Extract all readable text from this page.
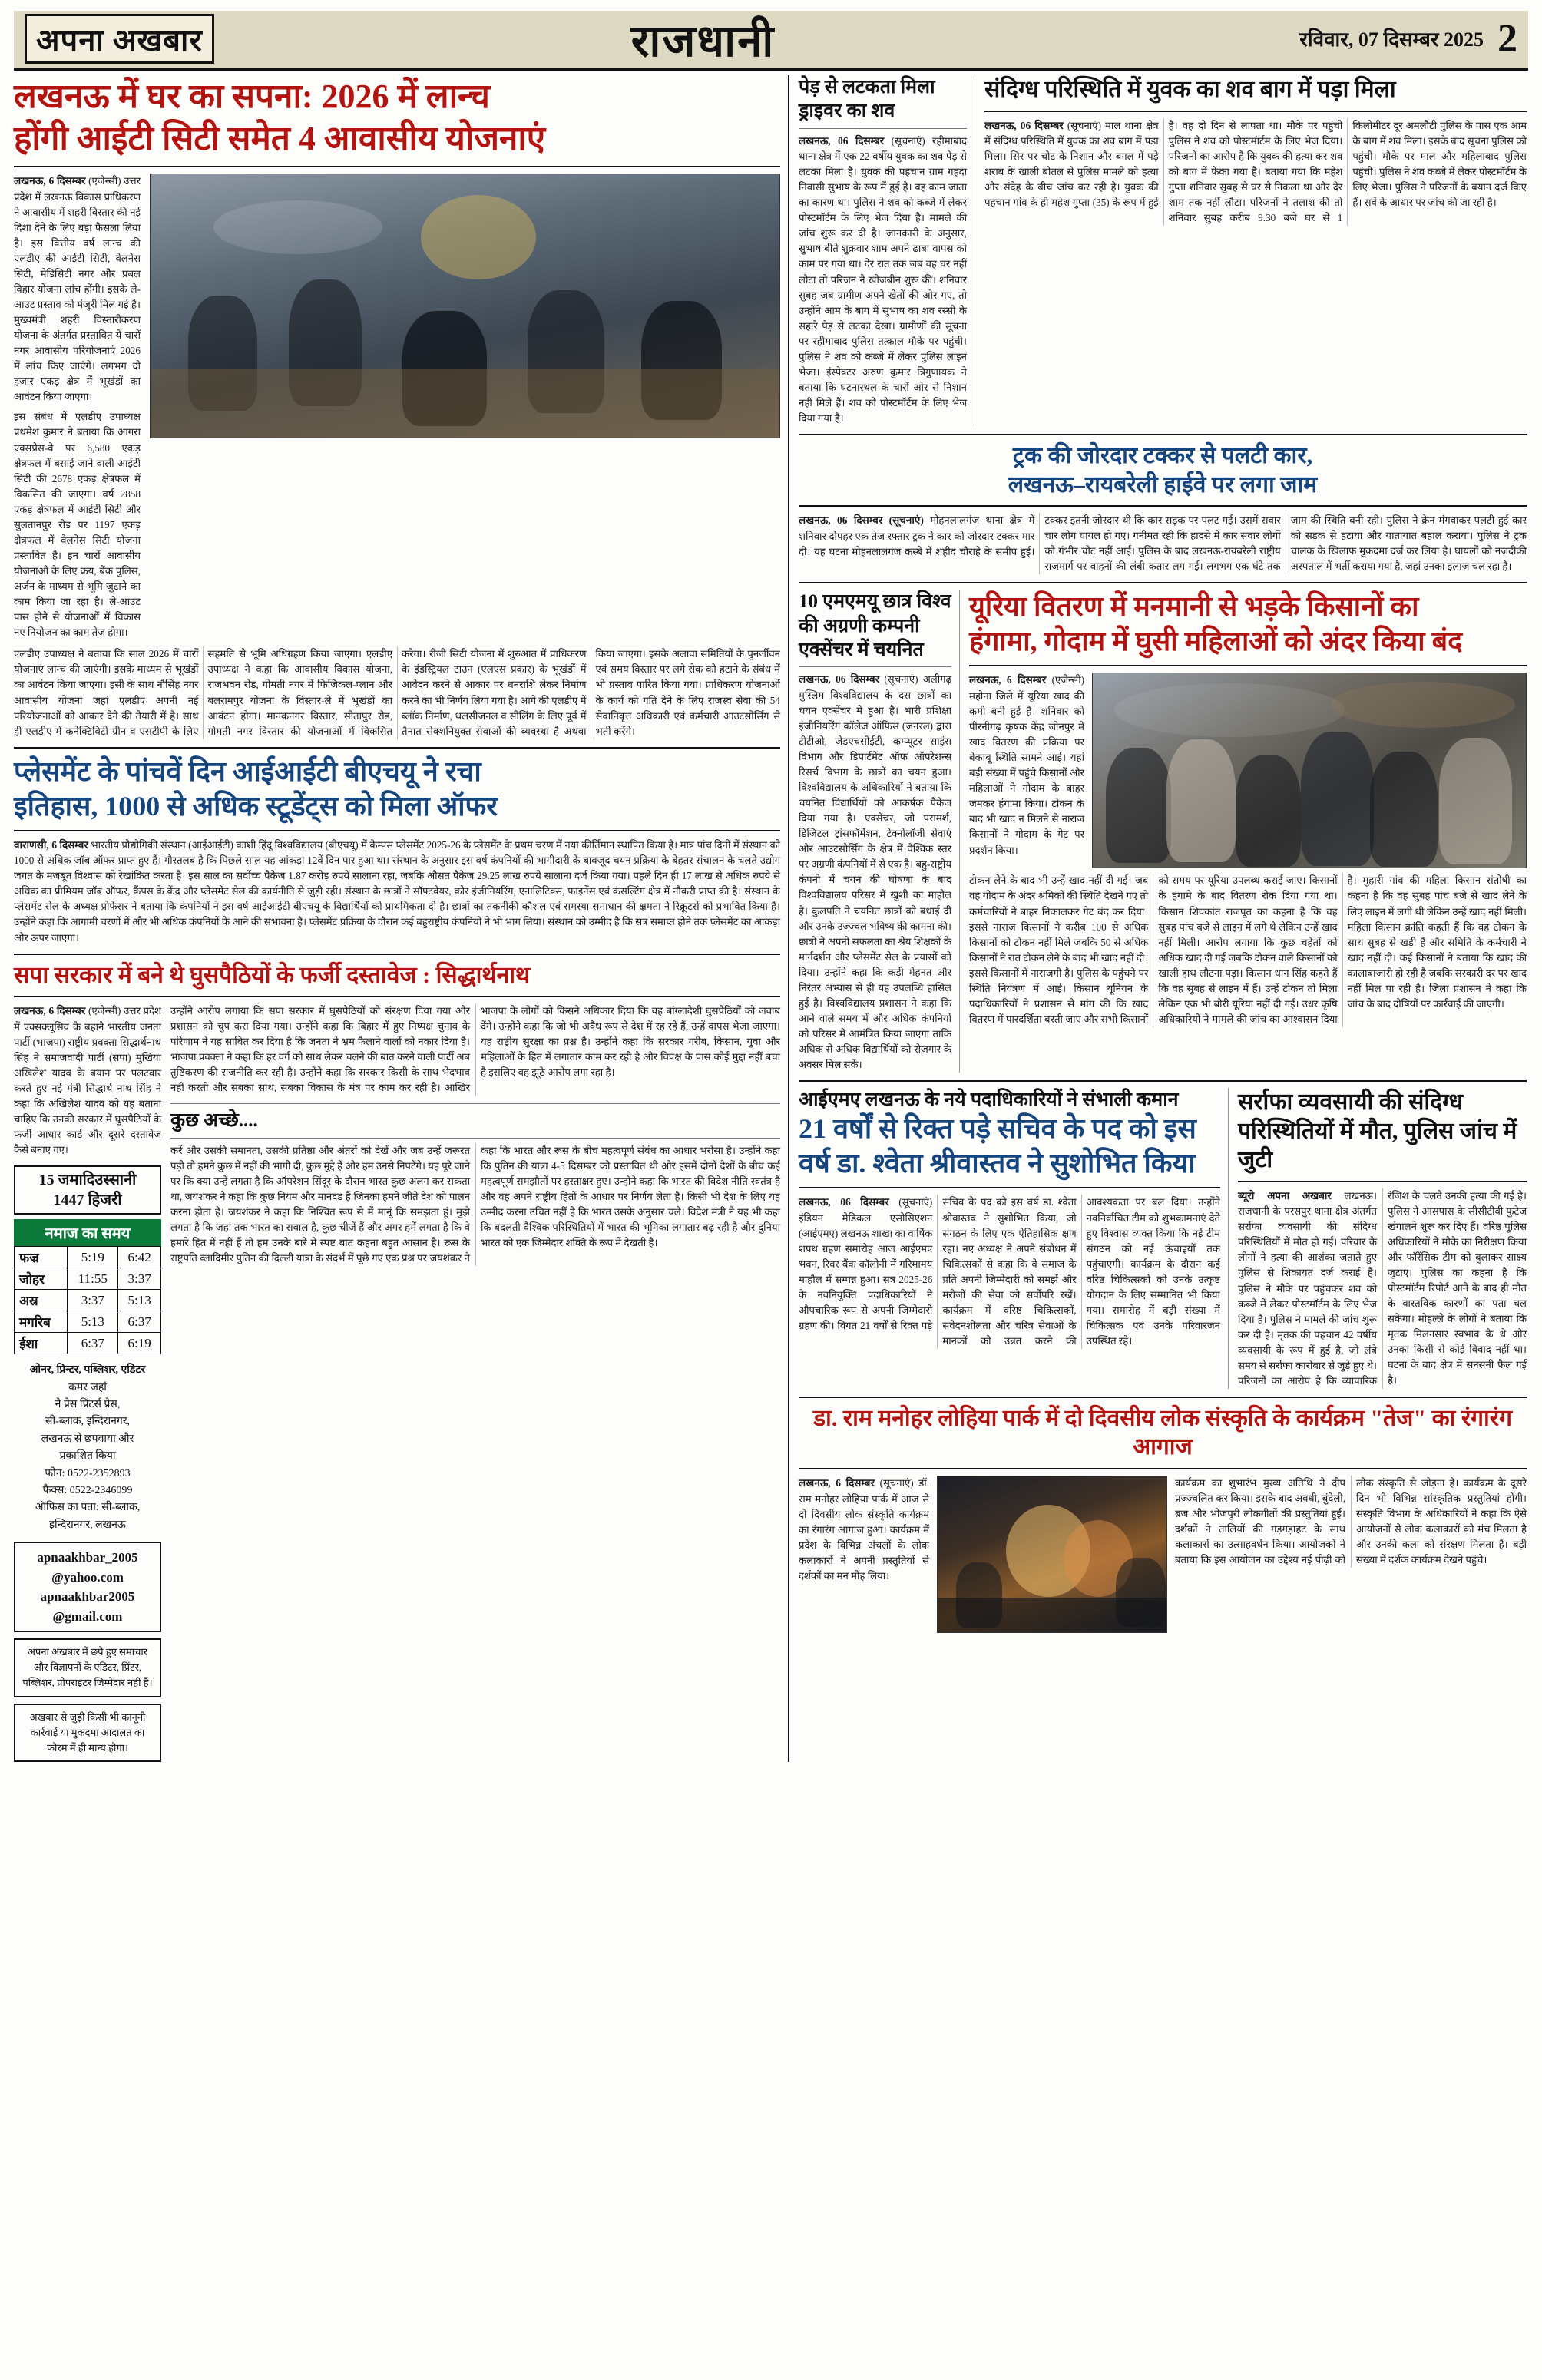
अपना अखबार	राजधानी	रविवार, 07 दिसम्बर 2025 2
लखनऊ में घर का सपना: 2026 में लान्च
होंगी आईटी सिटी समेत 4 आवासीय योजनाएं
लखनऊ, 6 दिसम्बर (एजेन्सी) उत्तर प्रदेश में लखनऊ विकास प्राधिकरण ने आवासीय में शहरी विस्तार की नई दिशा देने के लिए बड़ा फैसला लिया है। इस वित्तीय वर्ष लान्च की एलडीए की आईटी सिटी, वेलनेस सिटी, मेडिसिटी नगर और प्रबल विहार योजना लांच होंगी। इसके ले-आउट प्रस्ताव को मंजूरी मिल गई है। मुख्यमंत्री शहरी विस्तारीकरण योजना के अंतर्गत प्रस्तावित ये चारों नगर आवासीय परियोजनाएं 2026 में लांच किए जाएंगे। लगभग दो हजार एकड़ क्षेत्र में भूखंडों का आवंटन किया जाएगा।
इस संबंध में एलडीए उपाध्यक्ष प्रथमेश कुमार ने बताया कि आगरा एक्सप्रेस-वे पर 6,580 एकड़ क्षेत्रफल में बसाई जाने वाली आईटी सिटी की 2678 एकड़ क्षेत्रफल में विकसित की जाएगा। वर्ष 2858 एकड़ क्षेत्रफल में आईटी सिटी और सुलतानपुर रोड पर 1197 एकड़ क्षेत्रफल में वेलनेस सिटी योजना प्रस्तावित है। इन चारों आवासीय योजनाओं के लिए क्रय, बैंक पुलिस, अर्जन के माध्यम से भूमि जुटाने का काम किया जा रहा है। ले-आउट पास होने से योजनाओं में विकास नए नियोजन का काम तेज होगा।
एलडीए उपाध्यक्ष ने बताया कि साल 2026 में चारों योजनाएं लान्च की जाएंगी। इसके माध्यम से भूखंडों का आवंटन किया जाएगा। इसी के साथ नौसिंह नगर आवासीय योजना जहां एलडीए अपनी नई परियोजनाओं को आकार देने की तैयारी में है। साथ ही एलडीए में कनेक्टिविटी ग्रीन व एसटीपी के लिए सहमति से भूमि अधिग्रहण किया जाएगा। एलडीए उपाध्यक्ष ने कहा कि आवासीय विकास योजना, राजभवन रोड, गोमती नगर में फिजिकल-प्लान और बलरामपुर योजना के विस्तार-ले में भूखंडों का आवंटन होगा। मानकनगर विस्तार, सीतापुर रोड, गोमती नगर विस्तार की योजनाओं में विकसित करेगा। रीजी सिटी योजना में शुरुआत में प्राधिकरण के इंडस्ट्रियल टाउन (एलएस प्रकार) के भूखंडों में आवेदन करने से आकार पर धनराशि लेकर निर्माण करने का भी निर्णय लिया गया है। आगे की एलडीए में ब्लॉक निर्माण, थलसीजनल व सीलिंग के लिए पूर्व में तैनात सेक्शनियुक्त सेवाओं की व्यवस्था है अथवा किया जाएगा। इसके अलावा समितियों के पुनर्जीवन एवं समय विस्तार पर लगे रोक को हटाने के संबंध में भी प्रस्ताव पारित किया गया। प्राधिकरण योजनाओं के कार्य को गति देने के लिए राजस्व सेवा की 54 सेवानिवृत्त अधिकारी एवं कर्मचारी आउटसोर्सिंग से भर्ती करेंगे।
प्लेसमेंट के पांचवें दिन आईआईटी बीएचयू ने रचा
इतिहास, 1000 से अधिक स्टूडेंट्स को मिला ऑफर
वाराणसी, 6 दिसम्बर भारतीय प्रौद्योगिकी संस्थान (आईआईटी) काशी हिंदू विश्वविद्यालय (बीएचयू) में कैम्पस प्लेसमेंट 2025-26 के प्लेसमेंट के प्रथम चरण में नया कीर्तिमान स्थापित किया है। मात्र पांच दिनों में संस्थान को 1000 से अधिक जॉब ऑफर प्राप्त हुए हैं। गौरतलब है कि पिछले साल यह आंकड़ा 12वें दिन पार हुआ था। संस्थान के अनुसार इस वर्ष कंपनियों की भागीदारी के बावजूद चयन प्रक्रिया के बेहतर संचालन के चलते उद्योग जगत के मजबूत विश्वास को रेखांकित करता है। इस साल का सर्वोच्च पैकेज 1.87 करोड़ रुपये सालाना रहा, जबकि औसत पैकेज 29.25 लाख रुपये सालाना दर्ज किया गया। पहले दिन ही 17 लाख से अधिक रुपये से अधिक का प्रीमियम जॉब ऑफर, कैंपस के केंद्र और प्लेसमेंट सेल की कार्यनीति से जुड़ी रही। संस्थान के छात्रों ने सॉफ्टवेयर, कोर इंजीनियरिंग, एनालिटिक्स, फाइनेंस एवं कंसल्टिंग क्षेत्र में नौकरी प्राप्त की है। संस्थान के प्लेसमेंट सेल के अध्यक्ष प्रोफेसर ने बताया कि कंपनियों ने इस वर्ष आईआईटी बीएचयू के विद्यार्थियों को प्राथमिकता दी है। छात्रों का तकनीकी कौशल एवं समस्या समाधान की क्षमता ने रिक्रूटर्स को प्रभावित किया है। उन्होंने कहा कि आगामी चरणों में और भी अधिक कंपनियों के आने की संभावना है। प्लेसमेंट प्रक्रिया के दौरान कई बहुराष्ट्रीय कंपनियों ने भी भाग लिया। संस्थान को उम्मीद है कि सत्र समाप्त होने तक प्लेसमेंट का आंकड़ा और ऊपर जाएगा।
सपा सरकार में बने थे घुसपैठियों के फर्जी दस्तावेज : सिद्धार्थनाथ
लखनऊ, 6 दिसम्बर (एजेन्सी) उत्तर प्रदेश में एक्सक्लूसिव के बहाने भारतीय जनता पार्टी (भाजपा) राष्ट्रीय प्रवक्ता सिद्धार्थनाथ सिंह ने समाजवादी पार्टी (सपा) मुखिया अखिलेश यादव के बयान पर पलटवार करते हुए नई मंत्री सिद्धार्थ नाथ सिंह ने कहा कि अखिलेश यादव को यह बताना चाहिए कि उनकी सरकार में घुसपैठियों के फर्जी आधार कार्ड और दूसरे दस्तावेज कैसे बनाए गए।
15 जमादिउस्सानी
1447 हिजरी
नमाज का समय
फज्र	5:19	6:42
जोहर	11:55	3:37
अस्र	3:37	5:13
मगरिब	5:13	6:37
ईशा	6:37	6:19
ओनर, प्रिन्टर, पब्लिशर, एडिटर
कमर जहां
ने प्रेस प्रिंटर्स प्रेस,
सी-ब्लाक, इन्दिरानगर,
लखनऊ से छपवाया और
प्रकाशित किया
फोन: 0522-2352893
फैक्स: 0522-2346099
ऑफिस का पता: सी-ब्लाक,
इन्दिरानगर, लखनऊ
apnaakhbar_2005
@yahoo.com
apnaakhbar2005
@gmail.com
अपना अखबार में छपे हुए समाचार और विज्ञापनों के एडिटर, प्रिंटर, पब्लिशर, प्रोपराइटर जिम्मेदार नहीं हैं।
अखबार से जुड़ी किसी भी कानूनी कार्रवाई या मुकदमा आदालत का फोरम में ही मान्य होगा।
उन्होंने आरोप लगाया कि सपा सरकार में घुसपैठियों को संरक्षण दिया गया और प्रशासन को चुप करा दिया गया। उन्होंने कहा कि बिहार में हुए निष्पक्ष चुनाव के परिणाम ने यह साबित कर दिया है कि जनता ने भ्रम फैलाने वालों को नकार दिया है। भाजपा प्रवक्ता ने कहा कि हर वर्ग को साथ लेकर चलने की बात करने वाली पार्टी अब तुष्टिकरण की राजनीति कर रही है। उन्होंने कहा कि सरकार किसी के साथ भेदभाव नहीं करती और सबका साथ, सबका विकास के मंत्र पर काम कर रही है। आखिर भाजपा के लोगों को किसने अधिकार दिया कि वह बांग्लादेशी घुसपैठियों को जवाब देंगे। उन्होंने कहा कि जो भी अवैध रूप से देश में रह रहे हैं, उन्हें वापस भेजा जाएगा। यह राष्ट्रीय सुरक्षा का प्रश्न है। उन्होंने कहा कि सरकार गरीब, किसान, युवा और महिलाओं के हित में लगातार काम कर रही है और विपक्ष के पास कोई मुद्दा नहीं बचा है इसलिए वह झूठे आरोप लगा रहा है।
कुछ अच्छे....
करें और उसकी समानता, उसकी प्रतिष्ठा और अंतरों को देखें और जब उन्हें जरूरत पड़ी तो हमने कुछ में नहीं की भागी दी, कुछ मुद्दे हैं और हम उनसे निपटेंगे। यह पूरे जाने पर कि क्या उन्हें लगता है कि ऑपरेशन सिंदूर के दौरान भारत कुछ अलग कर सकता था, जयशंकर ने कहा कि कुछ नियम और मानदंड हैं जिनका हमने जीते देश को पालन करना होता है। जयशंकर ने कहा कि निश्चित रूप से मैं मानूं कि समझता हूं। मुझे लगता है कि जहां तक भारत का सवाल है, कुछ चीजें हैं और अगर हमें लगता है कि वे हमारे हित में नहीं हैं तो हम उनके बारे में स्पष्ट बात कहना बहुत आसान है। रूस के राष्ट्रपति व्लादिमीर पुतिन की दिल्ली यात्रा के संदर्भ में पूछे गए एक प्रश्न पर जयशंकर ने कहा कि भारत और रूस के बीच महत्वपूर्ण संबंध का आधार भरोसा है। उन्होंने कहा कि पुतिन की यात्रा 4-5 दिसम्बर को प्रस्तावित थी और इसमें दोनों देशों के बीच कई महत्वपूर्ण समझौतों पर हस्ताक्षर हुए। उन्होंने कहा कि भारत की विदेश नीति स्वतंत्र है और वह अपने राष्ट्रीय हितों के आधार पर निर्णय लेता है। किसी भी देश के लिए यह उम्मीद करना उचित नहीं है कि भारत उसके अनुसार चले। विदेश मंत्री ने यह भी कहा कि बदलती वैश्विक परिस्थितियों में भारत की भूमिका लगातार बढ़ रही है और दुनिया भारत को एक जिम्मेदार शक्ति के रूप में देखती है।
पेड़ से लटकता मिला ड्राइवर का शव
लखनऊ, 06 दिसम्बर (सूचनाएं) रहीमाबाद थाना क्षेत्र में एक 22 वर्षीय युवक का शव पेड़ से लटका मिला है। युवक की पहचान ग्राम गहदा निवासी सुभाष के रूप में हुई है। वह काम जाता का कारण था। पुलिस ने शव को कब्जे में लेकर पोस्टमॉर्टम के लिए भेज दिया है। मामले की जांच शुरू कर दी है। जानकारी के अनुसार, सुभाष बीते शुक्रवार शाम अपने ढाबा वापस को काम पर गया था। देर रात तक जब वह घर नहीं लौटा तो परिजन ने खोजबीन शुरू की। शनिवार सुबह जब ग्रामीण अपने खेतों की ओर गए, तो उन्होंने आम के बाग में सुभाष का शव रस्सी के सहारे पेड़ से लटका देखा। ग्रामीणों की सूचना पर रहीमाबाद पुलिस तत्काल मौके पर पहुंची। पुलिस ने शव को कब्जे में लेकर पुलिस लाइन भेजा। इंस्पेक्टर अरुण कुमार त्रिगुणायक ने बताया कि घटनास्थल के चारों ओर से निशान नहीं मिले हैं। शव को पोस्टमॉर्टम के लिए भेज दिया गया है।
संदिग्ध परिस्थिति में युवक का शव बाग में पड़ा मिला
लखनऊ, 06 दिसम्बर (सूचनाएं) माल थाना क्षेत्र में संदिग्ध परिस्थिति में युवक का शव बाग में पड़ा मिला। सिर पर चोट के निशान और बगल में पड़े शराब के खाली बोतल से पुलिस मामले को हत्या और संदेह के बीच जांच कर रही है। युवक की पहचान गांव के ही महेश गुप्ता (35) के रूप में हुई है। वह दो दिन से लापता था। मौके पर पहुंची पुलिस ने शव को पोस्टमॉर्टम के लिए भेज दिया। परिजनों का आरोप है कि युवक की हत्या कर शव को बाग में फेंका गया है। बताया गया कि महेश गुप्ता शनिवार सुबह से घर से निकला था और देर शाम तक नहीं लौटा। परिजनों ने तलाश की तो शनिवार सुबह करीब 9.30 बजे घर से 1 किलोमीटर दूर अमलौटी पुलिस के पास एक आम के बाग में शव मिला। इसके बाद सूचना पुलिस को पहुंची। मौके पर माल और महिलाबाद पुलिस पहुंची। पुलिस ने शव कब्जे में लेकर पोस्टमॉर्टम के लिए भेजा। पुलिस ने परिजनों के बयान दर्ज किए हैं। सर्वे के आधार पर जांच की जा रही है।
ट्रक की जोरदार टक्कर से पलटी कार,
लखनऊ–रायबरेली हाईवे पर लगा जाम
लखनऊ, 06 दिसम्बर (सूचनाएं) मोहनलालगंज थाना क्षेत्र में शनिवार दोपहर एक तेज रफ्तार ट्रक ने कार को जोरदार टक्कर मार दी। यह घटना मोहनलालगंज कस्बे में शहीद चौराहे के समीप हुई। टक्कर इतनी जोरदार थी कि कार सड़क पर पलट गई। उसमें सवार चार लोग घायल हो गए। गनीमत रही कि हादसे में कार सवार लोगों को गंभीर चोट नहीं आई। पुलिस के बाद लखनऊ-रायबरेली राष्ट्रीय राजमार्ग पर वाहनों की लंबी कतार लग गई। लगभग एक घंटे तक जाम की स्थिति बनी रही। पुलिस ने क्रेन मंगवाकर पलटी हुई कार को सड़क से हटाया और यातायात बहाल कराया। पुलिस ने ट्रक चालक के खिलाफ मुकदमा दर्ज कर लिया है। घायलों को नजदीकी अस्पताल में भर्ती कराया गया है, जहां उनका इलाज चल रहा है।
10 एमएमयू छात्र विश्व
की अग्रणी कम्पनी
एक्सेंचर में चयनित
लखनऊ, 06 दिसम्बर (सूचनाएं) अलीगढ़ मुस्लिम विश्वविद्यालय के दस छात्रों का चयन एक्सेंचर में हुआ है। भारी प्रशिक्षा इंजीनियरिंग कॉलेज ऑफिस (जनरल) द्वारा टीटीओ, जेडएचसीईटी, कम्प्यूटर साइंस विभाग और डिपार्टमेंट ऑफ ऑपरेशन्स रिसर्च विभाग के छात्रों का चयन हुआ। विश्वविद्यालय के अधिकारियों ने बताया कि चयनित विद्यार्थियों को आकर्षक पैकेज दिया गया है। एक्सेंचर, जो परामर्श, डिजिटल ट्रांसफॉर्मेशन, टेक्नोलॉजी सेवाएं और आउटसोर्सिंग के क्षेत्र में वैश्विक स्तर पर अग्रणी कंपनियों में से एक है। बहु-राष्ट्रीय कंपनी में चयन की घोषणा के बाद विश्वविद्यालय परिसर में खुशी का माहौल है। कुलपति ने चयनित छात्रों को बधाई दी और उनके उज्ज्वल भविष्य की कामना की। छात्रों ने अपनी सफलता का श्रेय शिक्षकों के मार्गदर्शन और प्लेसमेंट सेल के प्रयासों को दिया। उन्होंने कहा कि कड़ी मेहनत और निरंतर अभ्यास से ही यह उपलब्धि हासिल हुई है। विश्वविद्यालय प्रशासन ने कहा कि आने वाले समय में और अधिक कंपनियों को परिसर में आमंत्रित किया जाएगा ताकि अधिक से अधिक विद्यार्थियों को रोजगार के अवसर मिल सकें।
यूरिया वितरण में मनमानी से भड़के किसानों का
हंगामा, गोदाम में घुसी महिलाओं को अंदर किया बंद
लखनऊ, 6 दिसम्बर (एजेन्सी) महोना जिले में यूरिया खाद की कमी बनी हुई है। शनिवार को पीरनीगढ़ कृषक केंद्र जोनपुर में खाद वितरण की प्रक्रिया पर बेकाबू स्थिति सामने आई। यहां बड़ी संख्या में पहुंचे किसानों और महिलाओं ने गोदाम के बाहर जमकर हंगामा किया। टोकन के बाद भी खाद न मिलने से नाराज किसानों ने गोदाम के गेट पर प्रदर्शन किया।
टोकन लेने के बाद भी उन्हें खाद नहीं दी गई। जब वह गोदाम के अंदर श्रमिकों की स्थिति देखने गए तो कर्मचारियों ने बाहर निकालकर गेट बंद कर दिया। इससे नाराज किसानों ने करीब 100 से अधिक किसानों को टोकन नहीं मिले जबकि 50 से अधिक किसानों ने रात टोकन लेने के बाद भी खाद नहीं दी। इससे किसानों में नाराजगी है। पुलिस के पहुंचने पर स्थिति नियंत्रण में आई। किसान यूनियन के पदाधिकारियों ने प्रशासन से मांग की कि खाद वितरण में पारदर्शिता बरती जाए और सभी किसानों को समय पर यूरिया उपलब्ध कराई जाए। किसानों के हंगामे के बाद वितरण रोक दिया गया था। किसान शिवकांत राजपूत का कहना है कि वह सुबह पांच बजे से लाइन में लगे थे लेकिन उन्हें खाद नहीं मिली। आरोप लगाया कि कुछ चहेतों को अधिक खाद दी गई जबकि टोकन वाले किसानों को खाली हाथ लौटना पड़ा। किसान धान सिंह कहते हैं कि वह सुबह से लाइन में हैं। उन्हें टोकन तो मिला लेकिन एक भी बोरी यूरिया नहीं दी गई। उधर कृषि अधिकारियों ने मामले की जांच का आश्वासन दिया है। मुहारी गांव की महिला किसान संतोषी का कहना है कि वह सुबह पांच बजे से खाद लेने के लिए लाइन में लगी थी लेकिन उन्हें खाद नहीं मिली। महिला किसान क्रांति कहती हैं कि वह टोकन के साथ सुबह से खड़ी हैं और समिति के कर्मचारी ने खाद नहीं दी। कई किसानों ने बताया कि खाद की कालाबाजारी हो रही है जबकि सरकारी दर पर खाद नहीं मिल पा रही है। जिला प्रशासन ने कहा कि जांच के बाद दोषियों पर कार्रवाई की जाएगी।
आईएमए लखनऊ के नये पदाधिकारियों ने संभाली कमान
21 वर्षों से रिक्त पड़े सचिव के पद को इस
वर्ष डा. श्वेता श्रीवास्तव ने सुशोभित किया
लखनऊ, 06 दिसम्बर (सूचनाएं) इंडियन मेडिकल एसोसिएशन (आईएमए) लखनऊ शाखा का वार्षिक शपथ ग्रहण समारोह आज आईएमए भवन, रिवर बैंक कॉलोनी में गरिमामय माहौल में सम्पन्न हुआ। सत्र 2025-26 के नवनियुक्ति पदाधिकारियों ने औपचारिक रूप से अपनी जिम्मेदारी ग्रहण की। विगत 21 वर्षों से रिक्त पड़े सचिव के पद को इस वर्ष डा. श्वेता श्रीवास्तव ने सुशोभित किया, जो संगठन के लिए एक ऐतिहासिक क्षण रहा। नए अध्यक्ष ने अपने संबोधन में चिकित्सकों से कहा कि वे समाज के प्रति अपनी जिम्मेदारी को समझें और मरीजों की सेवा को सर्वोपरि रखें। कार्यक्रम में वरिष्ठ चिकित्सकों, संवेदनशीलता और चरित्र सेवाओं के मानकों को उन्नत करने की आवश्यकता पर बल दिया। उन्होंने नवनिर्वाचित टीम को शुभकामनाएं देते हुए विश्वास व्यक्त किया कि नई टीम संगठन को नई ऊंचाइयों तक पहुंचाएगी। कार्यक्रम के दौरान कई वरिष्ठ चिकित्सकों को उनके उत्कृष्ट योगदान के लिए सम्मानित भी किया गया। समारोह में बड़ी संख्या में चिकित्सक एवं उनके परिवारजन उपस्थित रहे।
सर्राफा व्यवसायी की संदिग्ध
परिस्थितियों में मौत, पुलिस जांच में जुटी
ब्यूरो अपना अखबार लखनऊ। राजधानी के परसपुर थाना क्षेत्र अंतर्गत सर्राफा व्यवसायी की संदिग्ध परिस्थितियों में मौत हो गई। परिवार के लोगों ने हत्या की आशंका जताते हुए पुलिस से शिकायत दर्ज कराई है। पुलिस ने मौके पर पहुंचकर शव को कब्जे में लेकर पोस्टमॉर्टम के लिए भेज दिया है। पुलिस ने मामले की जांच शुरू कर दी है। मृतक की पहचान 42 वर्षीय व्यवसायी के रूप में हुई है, जो लंबे समय से सर्राफा कारोबार से जुड़े हुए थे। परिजनों का आरोप है कि व्यापारिक रंजिश के चलते उनकी हत्या की गई है। पुलिस ने आसपास के सीसीटीवी फुटेज खंगालने शुरू कर दिए हैं। वरिष्ठ पुलिस अधिकारियों ने मौके का निरीक्षण किया और फॉरेंसिक टीम को बुलाकर साक्ष्य जुटाए। पुलिस का कहना है कि पोस्टमॉर्टम रिपोर्ट आने के बाद ही मौत के वास्तविक कारणों का पता चल सकेगा। मोहल्ले के लोगों ने बताया कि मृतक मिलनसार स्वभाव के थे और उनका किसी से कोई विवाद नहीं था। घटना के बाद क्षेत्र में सनसनी फैल गई है।
डा. राम मनोहर लोहिया पार्क में दो दिवसीय लोक संस्कृति के कार्यक्रम "तेज" का रंगारंग आगाज
लखनऊ, 6 दिसम्बर (सूचनाएं) डॉ. राम मनोहर लोहिया पार्क में आज से दो दिवसीय लोक संस्कृति कार्यक्रम का रंगारंग आगाज हुआ। कार्यक्रम में प्रदेश के विभिन्न अंचलों के लोक कलाकारों ने अपनी प्रस्तुतियों से दर्शकों का मन मोह लिया।
कार्यक्रम का शुभारंभ मुख्य अतिथि ने दीप प्रज्ज्वलित कर किया। इसके बाद अवधी, बुंदेली, ब्रज और भोजपुरी लोकगीतों की प्रस्तुतियां हुईं। दर्शकों ने तालियों की गड़गड़ाहट के साथ कलाकारों का उत्साहवर्धन किया। आयोजकों ने बताया कि इस आयोजन का उद्देश्य नई पीढ़ी को लोक संस्कृति से जोड़ना है। कार्यक्रम के दूसरे दिन भी विभिन्न सांस्कृतिक प्रस्तुतियां होंगी। संस्कृति विभाग के अधिकारियों ने कहा कि ऐसे आयोजनों से लोक कलाकारों को मंच मिलता है और उनकी कला को संरक्षण मिलता है। बड़ी संख्या में दर्शक कार्यक्रम देखने पहुंचे।
